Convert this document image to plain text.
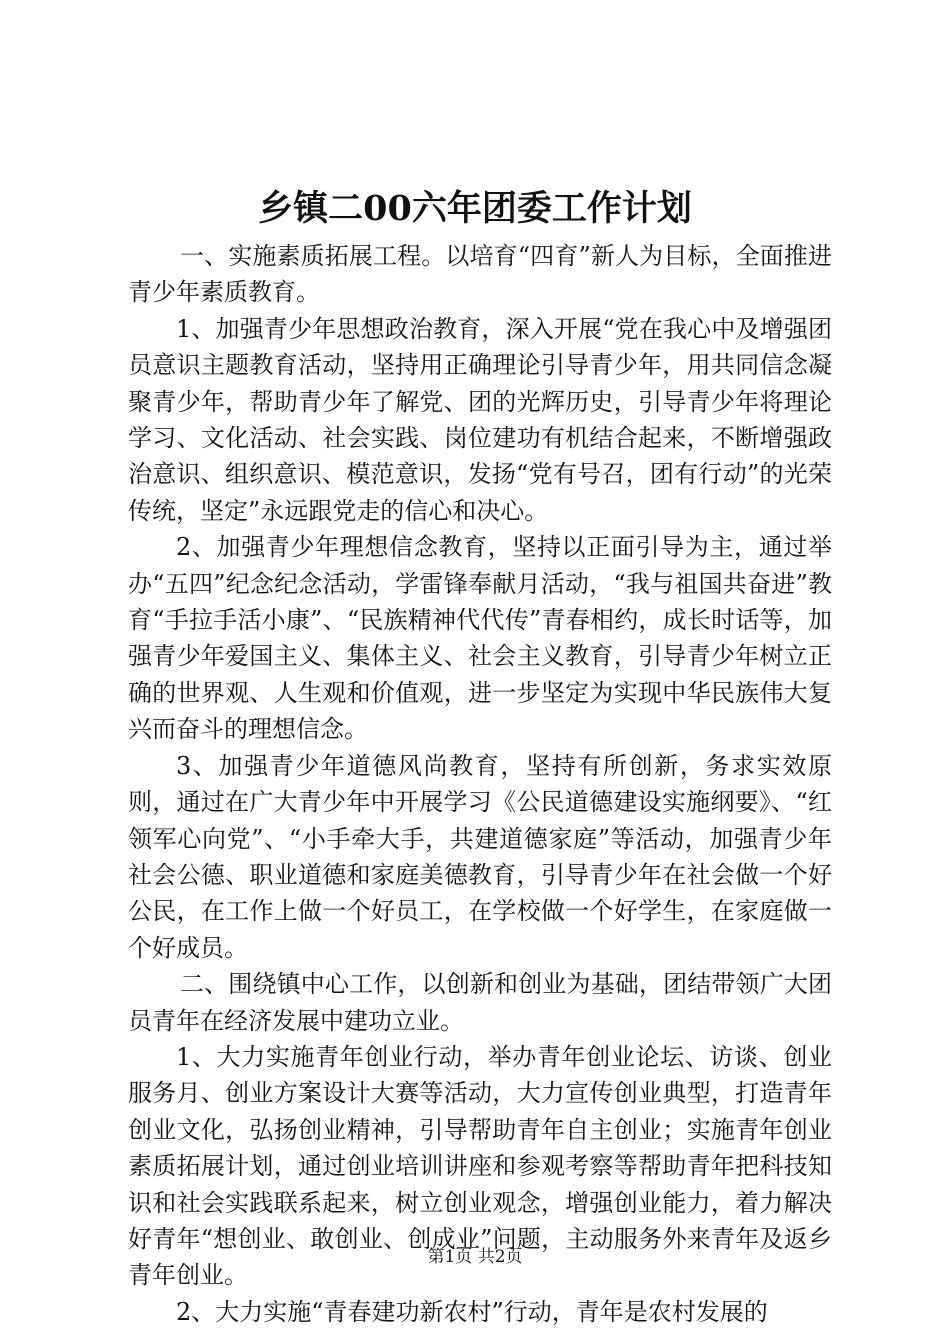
乡镇二00六年团委工作计划

一、实施素质拓展工程。以培育“四育”新人为目标，全面推进青少年素质教育。

1、加强青少年思想政治教育，深入开展“党在我心中及增强团员意识主题教育活动，坚持用正确理论引导青少年，用共同信念凝聚青少年，帮助青少年了解党、团的光辉历史，引导青少年将理论学习、文化活动、社会实践、岗位建功有机结合起来，不断增强政治意识、组织意识、模范意识，发扬“党有号召，团有行动”的光荣传统，坚定”永远跟党走的信心和决心。

2、加强青少年理想信念教育，坚持以正面引导为主，通过举办“五四”纪念纪念活动，学雷锋奉献月活动，“我与祖国共奋进”教育“手拉手活小康”、“民族精神代代传”青春相约，成长时话等，加强青少年爱国主义、集体主义、社会主义教育，引导青少年树立正确的世界观、人生观和价值观，进一步坚定为实现中华民族伟大复兴而奋斗的理想信念。

3、加强青少年道德风尚教育，坚持有所创新，务求实效原则，通过在广大青少年中开展学习《公民道德建设实施纲要》、“红领军心向党”、“小手牵大手，共建道德家庭”等活动，加强青少年社会公德、职业道德和家庭美德教育，引导青少年在社会做一个好公民，在工作上做一个好员工，在学校做一个好学生，在家庭做一个好成员。

二、围绕镇中心工作，以创新和创业为基础，团结带领广大团员青年在经济发展中建功立业。

1、大力实施青年创业行动，举办青年创业论坛、访谈、创业服务月、创业方案设计大赛等活动，大力宣传创业典型，打造青年创业文化，弘扬创业精神，引导帮助青年自主创业；实施青年创业素质拓展计划，通过创业培训讲座和参观考察等帮助青年把科技知识和社会实践联系起来，树立创业观念，增强创业能力，着力解决好青年“想创业、敢创业、创成业”问题，主动服务外来青年及返乡青年创业。

2、大力实施“青春建功新农村”行动，青年是农村发展的

第1页 共2页
